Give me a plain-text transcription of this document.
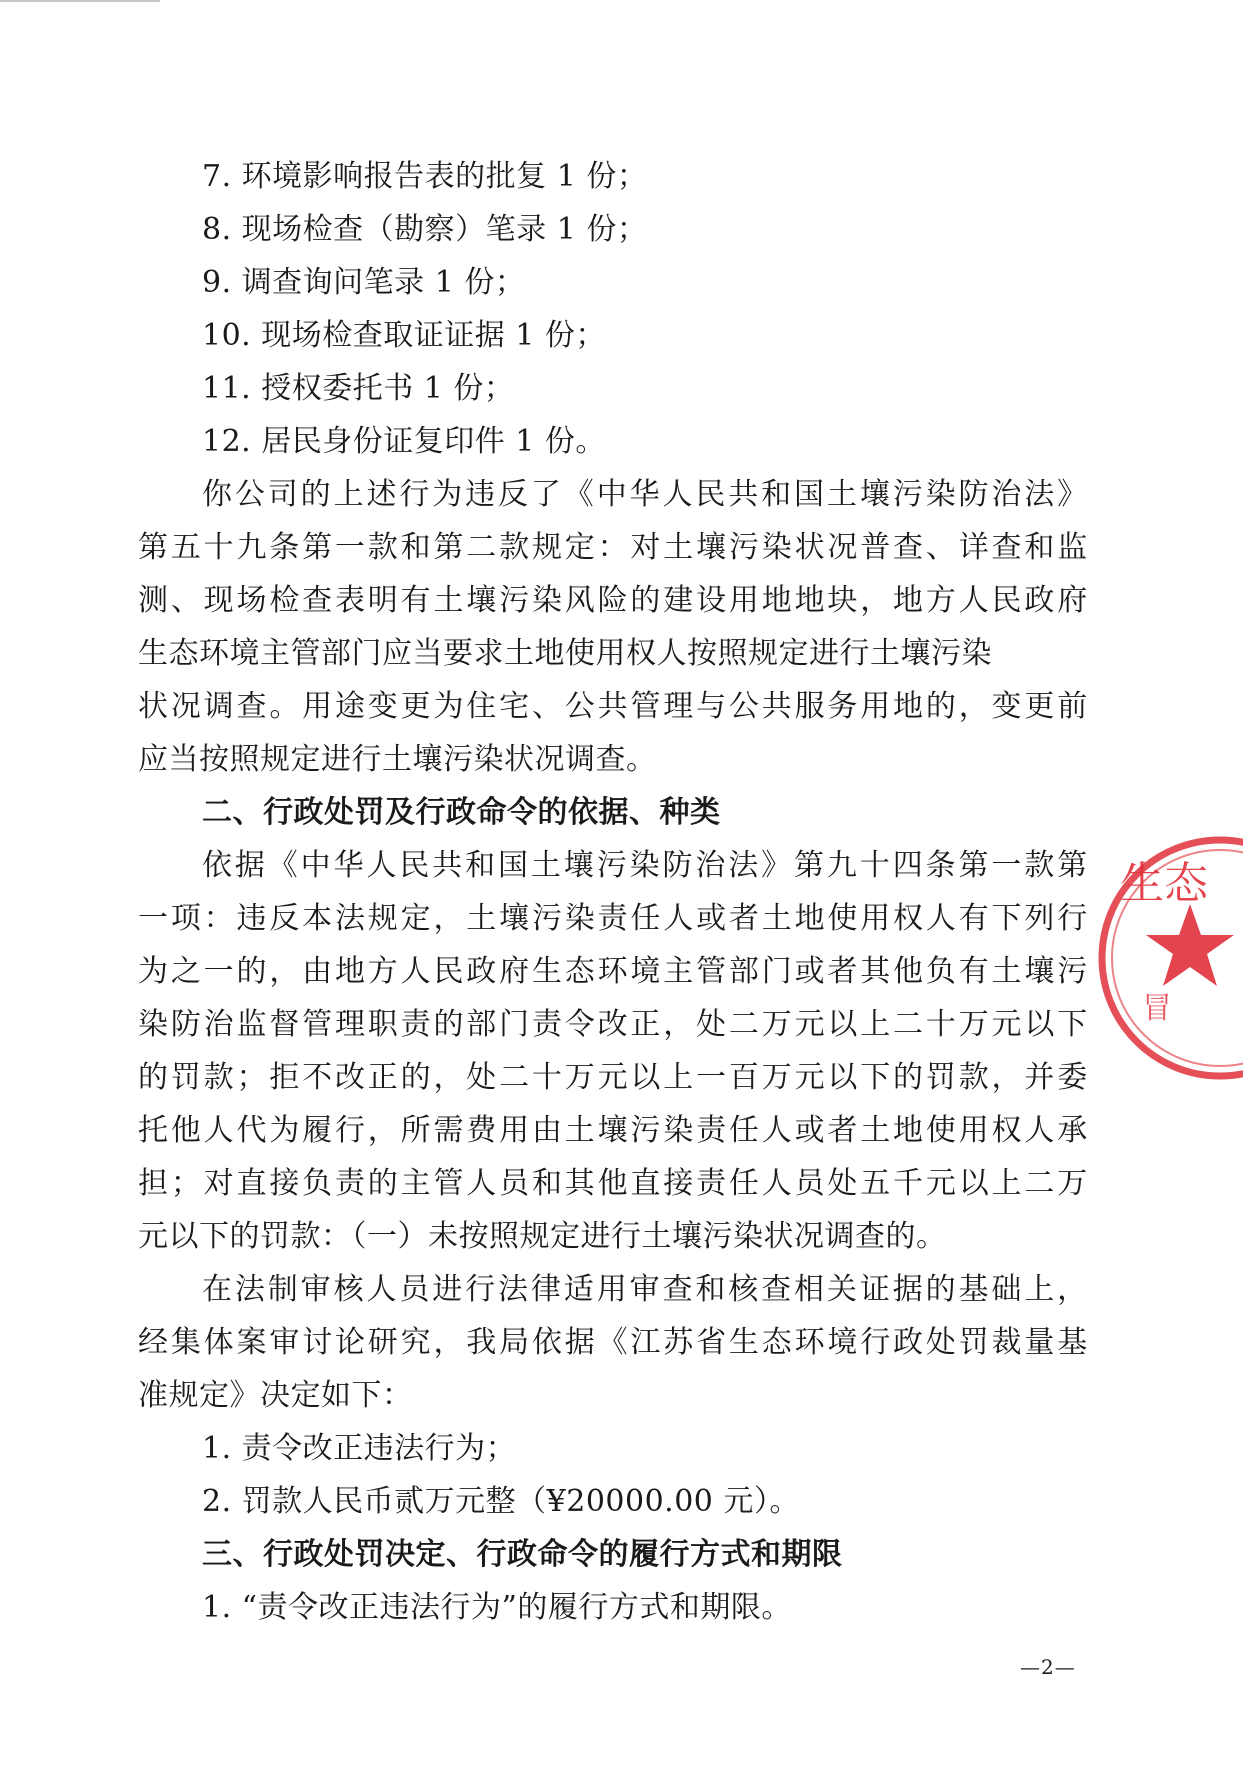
7. 环境影响报告表的批复 1 份；
8. 现场检查（勘察）笔录 1 份；
9. 调查询问笔录 1 份；
10. 现场检查取证证据 1 份；
11. 授权委托书 1 份；
12. 居民身份证复印件 1 份。
你 公 司 的 上 述 行 为 违 反 了 《 中 华 人 民 共 和 国 土 壤 污 染 防 治 法 》
第 五 十 九 条 第 一 款 和 第 二 款 规 定 ： 对 土 壤 污 染 状 况 普 查 、 详 查 和 监
测 、 现 场 检 查 表 明 有 土 壤 污 染 风 险 的 建 设 用 地 地 块 ， 地 方 人 民 政 府
生态环境主管部门应当要求土地使用权人按照规定进行土壤污染
状 况 调 查 。 用 途 变 更 为 住 宅 、 公 共 管 理 与 公 共 服 务 用 地 的 ， 变 更 前
应当按照规定进行土壤污染状况调查。
二、行政处罚及行政命令的依据、种类
依 据 《 中 华 人 民 共 和 国 土 壤 污 染 防 治 法 》 第 九 十 四 条 第 一 款 第
一 项 ： 违 反 本 法 规 定 ， 土 壤 污 染 责 任 人 或 者 土 地 使 用 权 人 有 下 列 行
为 之 一 的 ， 由 地 方 人 民 政 府 生 态 环 境 主 管 部 门 或 者 其 他 负 有 土 壤 污
染 防 治 监 督 管 理 职 责 的 部 门 责 令 改 正 ， 处 二 万 元 以 上 二 十 万 元 以 下
的 罚 款 ； 拒 不 改 正 的 ， 处 二 十 万 元 以 上 一 百 万 元 以 下 的 罚 款 ， 并 委
托 他 人 代 为 履 行 ， 所 需 费 用 由 土 壤 污 染 责 任 人 或 者 土 地 使 用 权 人 承
担 ； 对 直 接 负 责 的 主 管 人 员 和 其 他 直 接 责 任 人 员 处 五 千 元 以 上 二 万
元以下的罚款：（一）未按照规定进行土壤污染状况调查的。
在 法 制 审 核 人 员 进 行 法 律 适 用 审 查 和 核 查 相 关 证 据 的 基 础 上 ，
经 集 体 案 审 讨 论 研 究 ， 我 局 依 据 《 江 苏 省 生 态 环 境 行 政 处 罚 裁 量 基
准规定》决定如下：
1. 责令改正违法行为；
2. 罚款人民币贰万元整（¥20000.00 元）。
三、行政处罚决定、行政命令的履行方式和期限
1. “责令改正违法行为”的履行方式和期限。
—2—
生态
冒
